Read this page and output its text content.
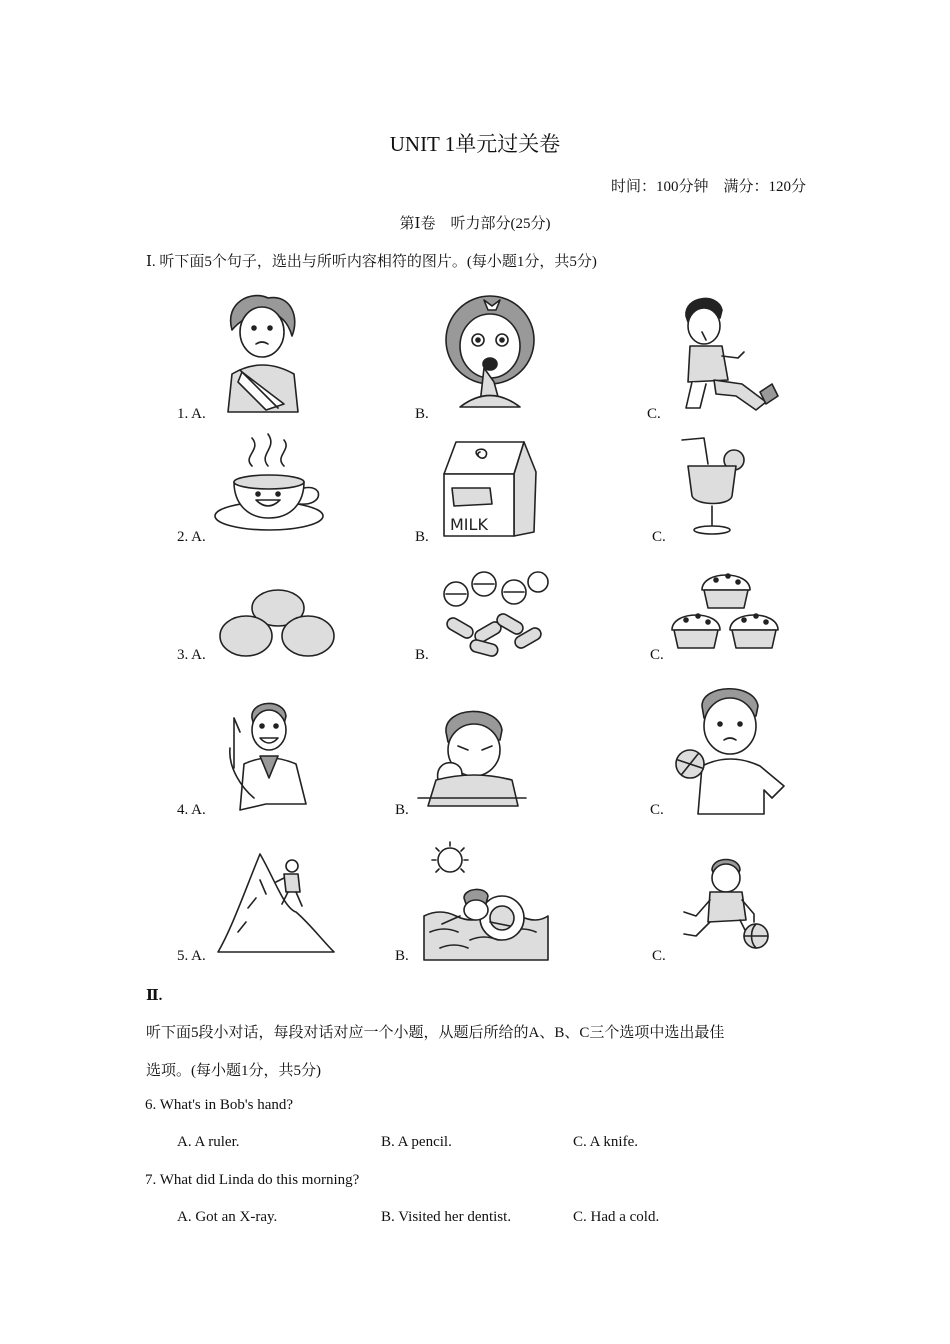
UNIT 1单元过关卷
时间：100分钟    满分：120分
第Ⅰ卷    听力部分(25分)
Ⅰ. 听下面5个句子，选出与所听内容相符的图片。(每小题1分，共5分)
1. A.	B.	C.
2. A.	B.	C.
MILK
3. A.	B.	C.
4. A.	B.	C.
5. A.	B.	C.
Ⅱ.
听下面5段小对话，每段对话对应一个小题，从题后所给的A、B、C三个选项中选出最佳
选项。(每小题1分，共5分)
6. What's in Bob's hand?
A. A ruler.	B. A pencil.	C. A knife.
7. What did Linda do this morning?
A. Got an X-ray.	B. Visited her dentist.	C. Had a cold.
